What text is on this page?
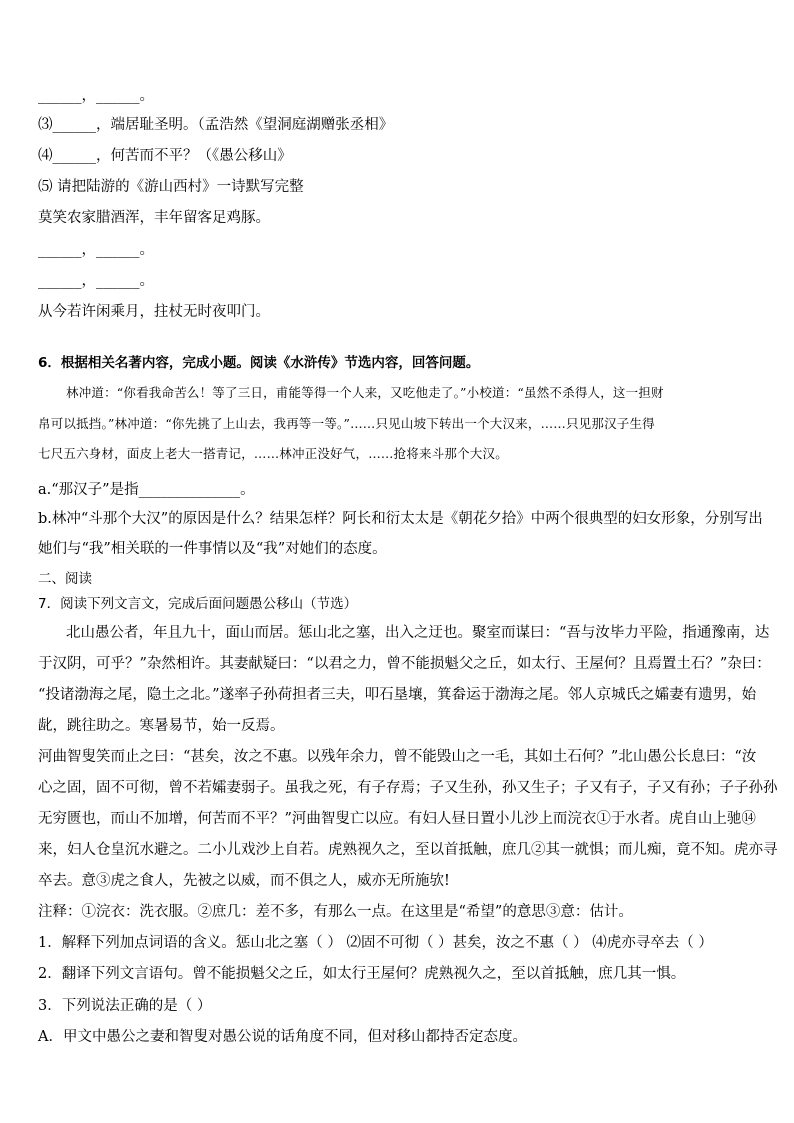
______，______。
⑶______，端居耻圣明。（孟浩然《望洞庭湖赠张丞相》
⑷______，何苦而不平？（《愚公移山》
⑸ 请把陆游的《游山西村》一诗默写完整
莫笑农家腊酒浑，丰年留客足鸡豚。
______，______。
______，______。
从今若许闲乘月，拄杖无时夜叩门。
6．根据相关名著内容，完成小题。阅读《水浒传》节选内容，回答问题。
林冲道：“你看我命苦么！等了三日，甫能等得一个人来，又吃他走了。”小校道：“虽然不杀得人，这一担财
帛可以抵挡。”林冲道：“你先挑了上山去，我再等一等。”……只见山坡下转出一个大汉来，……只见那汉子生得
七尺五六身材，面皮上老大一搭青记，……林冲正没好气，……抢将来斗那个大汉。
a.“那汉子”是指______________。
b.林冲“斗那个大汉”的原因是什么？结果怎样？阿长和衍太太是《朝花夕拾》中两个很典型的妇女形象，分别写出
她们与“我”相关联的一件事情以及“我”对她们的态度。
二、阅读
7．阅读下列文言文，完成后面问题愚公移山（节选）
北山愚公者，年且九十，面山而居。惩山北之塞，出入之迂也。聚室而谋曰：“吾与汝毕力平险，指通豫南，达
于汉阴，可乎？”杂然相许。其妻献疑曰：“以君之力，曾不能损魁父之丘，如太行、王屋何？且焉置土石？”杂曰：
“投诸渤海之尾，隐土之北。”遂率子孙荷担者三夫，叩石垦壤，箕畚运于渤海之尾。邻人京城氏之孀妻有遗男，始
龀，跳往助之。寒暑易节，始一反焉。
河曲智叟笑而止之曰：“甚矣，汝之不惠。以残年余力，曾不能毁山之一毛，其如土石何？”北山愚公长息曰：“汝
心之固，固不可彻，曾不若孀妻弱子。虽我之死，有子存焉；子又生孙，孙又生子；子又有子，子又有孙；子子孙孙
无穷匮也，而山不加增，何苦而不平？”河曲智叟亡以应。有妇人昼日置小儿沙上而浣衣①于水者。虎自山上驰⑭
来，妇人仓皇沉水避之。二小儿戏沙上自若。虎熟视久之，至以首抵触，庶几②其一就惧；而儿痴，竟不知。虎亦寻
卒去。意③虎之食人，先被之以威，而不俱之人，威亦无所施欤!
注释：①浣衣：洗衣服。②庶几：差不多，有那么一点。在这里是“希望”的意思③意：估计。
1．解释下列加点词语的含义。惩山北之塞（ ） ⑵固不可彻（ ）甚矣，汝之不惠（ ） ⑷虎亦寻卒去（ ）
2．翻译下列文言语句。曾不能损魁父之丘，如太行王屋何？虎熟视久之，至以首抵触，庶几其一惧。
3．下列说法正确的是（ ）
A．甲文中愚公之妻和智叟对愚公说的话角度不同，但对移山都持否定态度。
